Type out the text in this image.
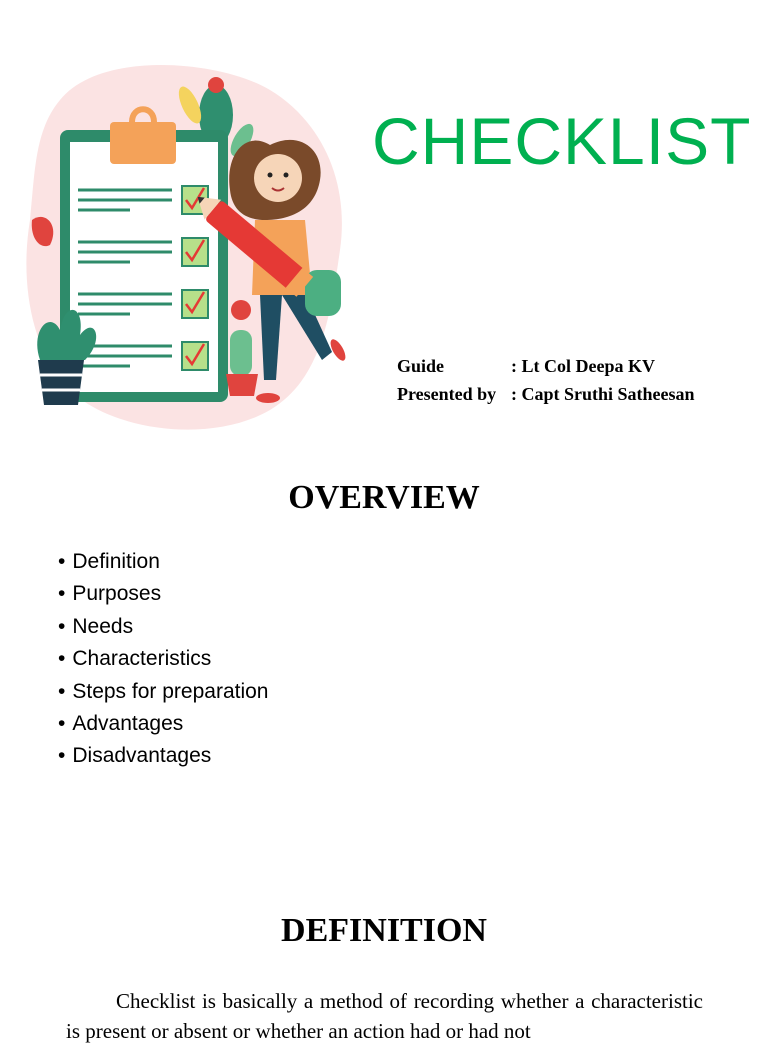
CHECKLIST
Guide	: Lt Col Deepa KV
Presented by : Capt Sruthi Satheesan
OVERVIEW
• Definition
• Purposes
• Needs
• Characteristics
• Steps for preparation
• Advantages
• Disadvantages
DEFINITION

Checklist is basically a method of recording whether a characteristic is present or absent or whether an action had or had not
